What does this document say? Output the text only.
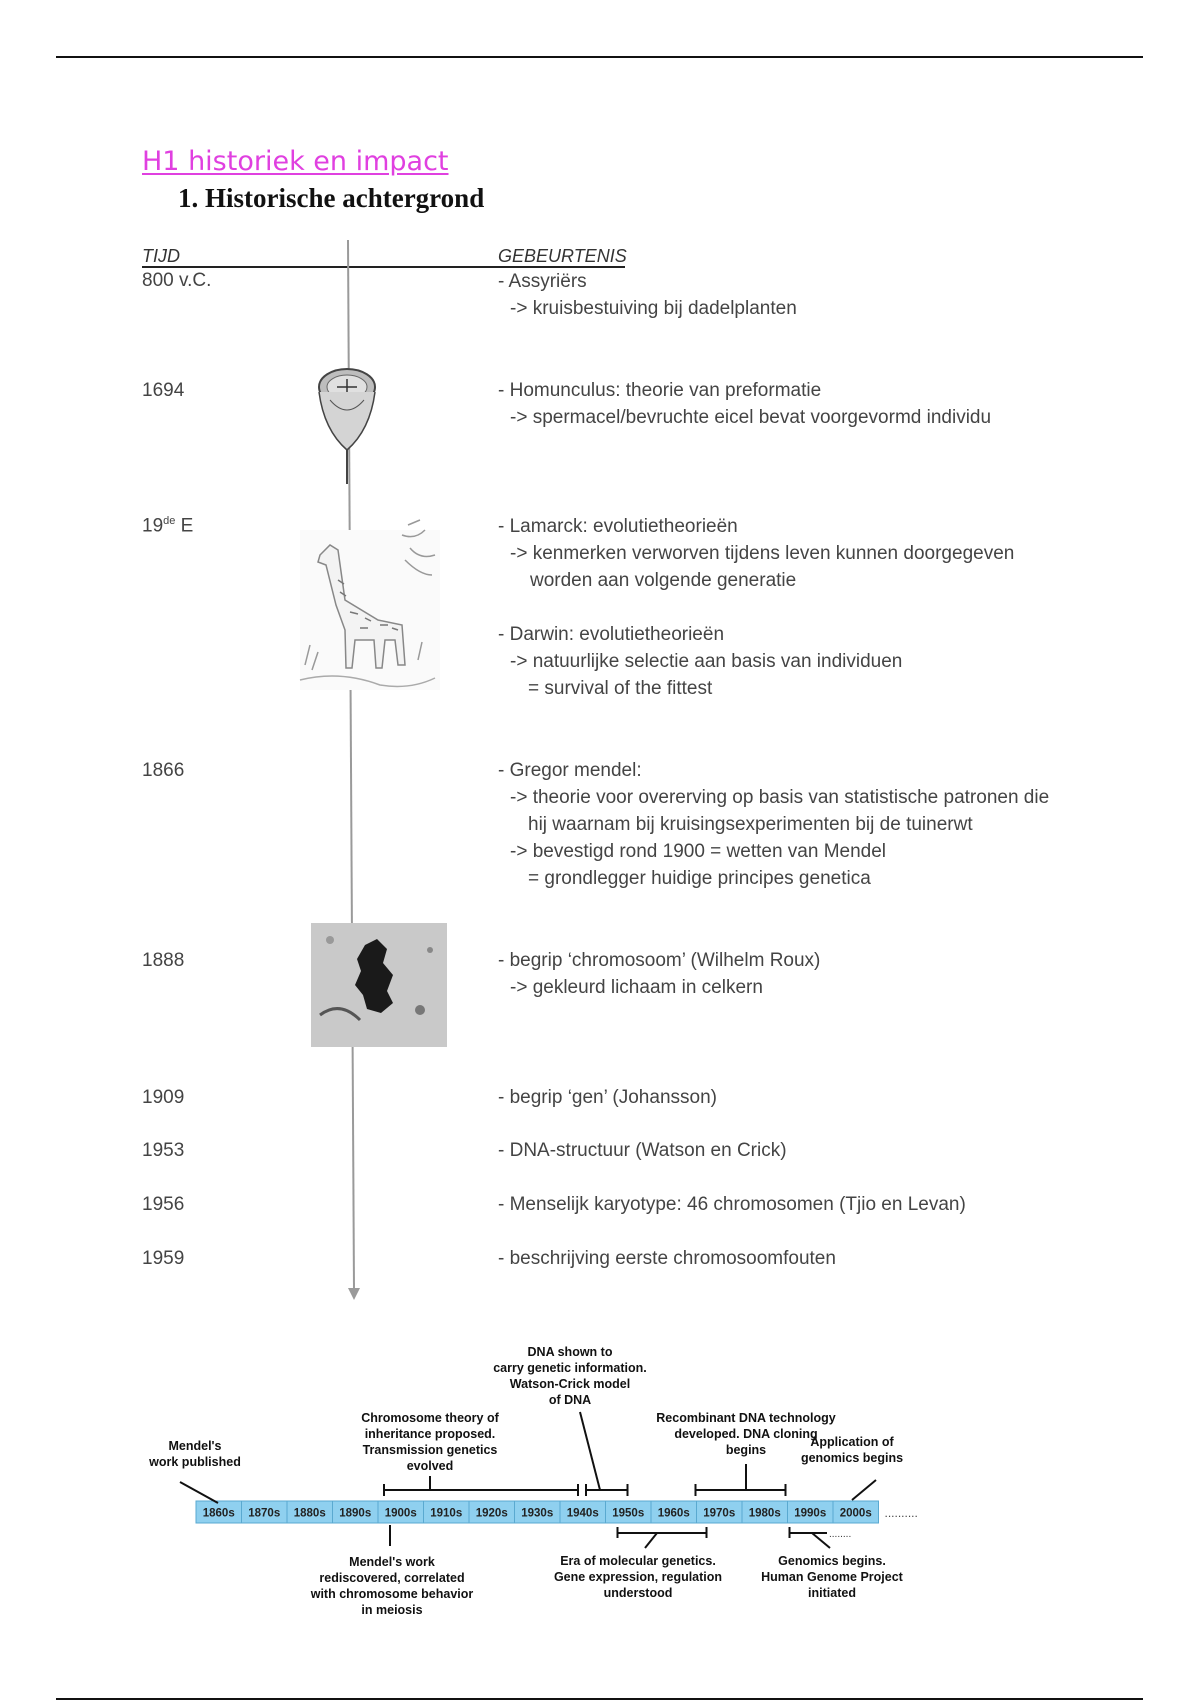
H1 historiek en impact
1. Historische achtergrond
TIJD	GEBEURTENIS
800 v.C.
1694
19de E
1866
1888
1909
1953
1956
1959
- Assyriërs
-> kruisbestuiving bij dadelplanten
- Homunculus: theorie van preformatie
-> spermacel/bevruchte eicel bevat voorgevormd individu
- Lamarck: evolutietheorieën
-> kenmerken verworven tijdens leven kunnen doorgegeven
worden aan volgende generatie
- Darwin: evolutietheorieën
-> natuurlijke selectie aan basis van individuen
= survival of the fittest
- Gregor mendel:
-> theorie voor overerving op basis van statistische patronen die
hij waarnam bij kruisingsexperimenten bij de tuinerwt
-> bevestigd rond 1900 = wetten van Mendel
= grondlegger huidige principes genetica
- begrip ‘chromosoom’ (Wilhelm Roux)
-> gekleurd lichaam in celkern
- begrip ‘gen’ (Johansson)
- DNA-structuur (Watson en Crick)
- Menselijk karyotype: 46 chromosomen (Tjio en Levan)
- beschrijving eerste chromosoomfouten
1860s 1870s 1880s 1890s 1900s 1910s 1920s 1930s 1940s 1950s 1960s 1970s 1980s 1990s 2000s ..........
Mendel's
work published
Chromosome theory of
inheritance proposed.
Transmission genetics
evolved
DNA shown to
carry genetic information.
Watson-Crick model
of DNA
Recombinant DNA technology
developed. DNA cloning
begins
Application of
genomics begins
Mendel's work
rediscovered, correlated
with chromosome behavior
in meiosis
Era of molecular genetics.
Gene expression, regulation
understood
........
Genomics begins.
Human Genome Project
initiated
